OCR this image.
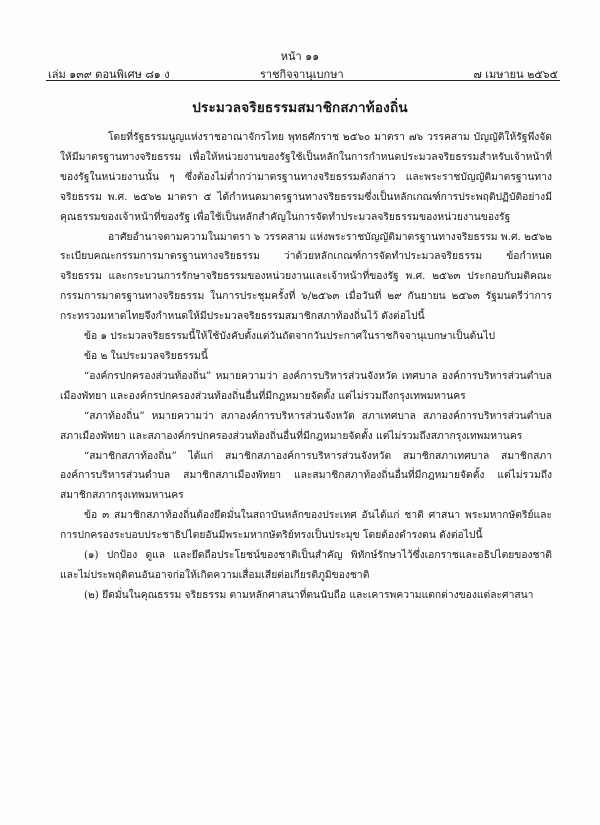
หน้า ๑๑
เล่ม ๑๓๙ ตอนพิเศษ ๘๑ ง	ราชกิจจานุเบกษา	๗ เมษายน ๒๕๖๕
ประมวลจริยธรรมสมาชิกสภาท้องถิ่น

โดยที่รัฐธรรมนูญแห่งราชอาณาจักรไทย พุทธศักราช ๒๕๖๐ มาตรา ๗๖ วรรคสาม บัญญัติให้รัฐพึงจัดให้มีมาตรฐานทางจริยธรรม เพื่อให้หน่วยงานของรัฐใช้เป็นหลักในการกำหนดประมวลจริยธรรมสำหรับเจ้าหน้าที่ของรัฐในหน่วยงานนั้น ๆ ซึ่งต้องไม่ต่ำกว่ามาตรฐานทางจริยธรรมดังกล่าว และพระราชบัญญัติมาตรฐานทางจริยธรรม พ.ศ. ๒๕๖๒ มาตรา ๕ ได้กำหนดมาตรฐานทางจริยธรรมซึ่งเป็นหลักเกณฑ์การประพฤติปฏิบัติอย่างมีคุณธรรมของเจ้าหน้าที่ของรัฐ เพื่อใช้เป็นหลักสำคัญในการจัดทำประมวลจริยธรรมของหน่วยงานของรัฐ

อาศัยอำนาจตามความในมาตรา ๖ วรรคสาม แห่งพระราชบัญญัติมาตรฐานทางจริยธรรม พ.ศ. ๒๕๖๒ ระเบียบคณะกรรมการมาตรฐานทางจริยธรรม ว่าด้วยหลักเกณฑ์การจัดทำประมวลจริยธรรม ข้อกำหนดจริยธรรม และกระบวนการรักษาจริยธรรมของหน่วยงานและเจ้าหน้าที่ของรัฐ พ.ศ. ๒๕๖๓ ประกอบกับมติคณะกรรมการมาตรฐานทางจริยธรรม ในการประชุมครั้งที่ ๖/๒๕๖๓ เมื่อวันที่ ๒๙ กันยายน ๒๕๖๓ รัฐมนตรีว่าการกระทรวงมหาดไทยจึงกำหนดให้มีประมวลจริยธรรมสมาชิกสภาท้องถิ่นไว้ ดังต่อไปนี้

ข้อ ๑ ประมวลจริยธรรมนี้ให้ใช้บังคับตั้งแต่วันถัดจากวันประกาศในราชกิจจานุเบกษาเป็นต้นไป

ข้อ ๒ ในประมวลจริยธรรมนี้

“องค์กรปกครองส่วนท้องถิ่น” หมายความว่า องค์การบริหารส่วนจังหวัด เทศบาล องค์การบริหารส่วนตำบล เมืองพัทยา และองค์กรปกครองส่วนท้องถิ่นอื่นที่มีกฎหมายจัดตั้ง แต่ไม่รวมถึงกรุงเทพมหานคร

“สภาท้องถิ่น” หมายความว่า สภาองค์การบริหารส่วนจังหวัด สภาเทศบาล สภาองค์การบริหารส่วนตำบล สภาเมืองพัทยา และสภาองค์กรปกครองส่วนท้องถิ่นอื่นที่มีกฎหมายจัดตั้ง แต่ไม่รวมถึงสภากรุงเทพมหานคร

“สมาชิกสภาท้องถิ่น” ได้แก่ สมาชิกสภาองค์การบริหารส่วนจังหวัด สมาชิกสภาเทศบาล สมาชิกสภาองค์การบริหารส่วนตำบล สมาชิกสภาเมืองพัทยา และสมาชิกสภาท้องถิ่นอื่นที่มีกฎหมายจัดตั้ง แต่ไม่รวมถึงสมาชิกสภากรุงเทพมหานคร

ข้อ ๓ สมาชิกสภาท้องถิ่นต้องยึดมั่นในสถาบันหลักของประเทศ อันได้แก่ ชาติ ศาสนา พระมหากษัตริย์และการปกครองระบอบประชาธิปไตยอันมีพระมหากษัตริย์ทรงเป็นประมุข โดยต้องดำรงตน ดังต่อไปนี้

(๑) ปกป้อง ดูแล และยึดถือประโยชน์ของชาติเป็นสำคัญ พิทักษ์รักษาไว้ซึ่งเอกราชและอธิปไตยของชาติ และไม่ประพฤติตนอันอาจก่อให้เกิดความเสื่อมเสียต่อเกียรติภูมิของชาติ

(๒) ยึดมั่นในคุณธรรม จริยธรรม ตามหลักศาสนาที่ตนนับถือ และเคารพความแตกต่างของแต่ละศาสนา
